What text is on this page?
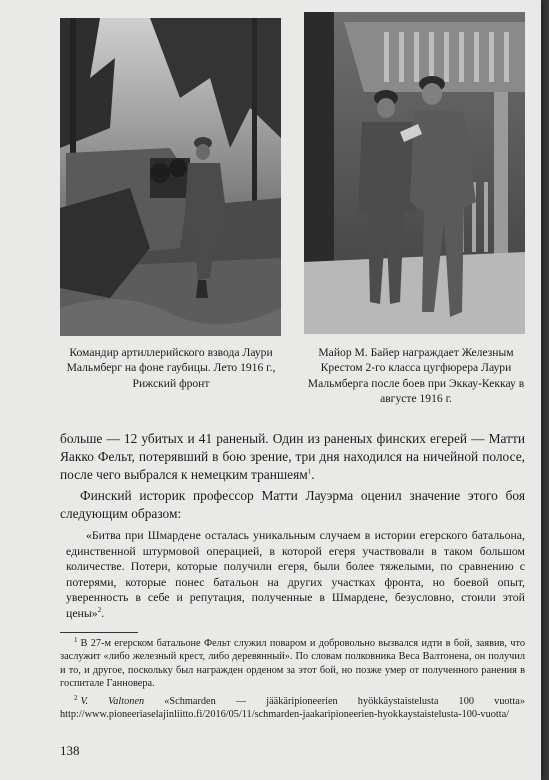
Командир артиллерийского взвода Лаури Мальмберг на фоне гаубицы. Лето 1916 г., Рижский фронт
Майор М. Байер награждает Железным Крестом 2-го класса цугфюрера Лаури Мальмберга после боев при Эккау-Кеккау в августе 1916 г.
больше — 12 убитых и 41 раненый. Один из раненых финских егерей — Матти Яакко Фельт, потерявший в бою зрение, три дня находился на ничейной полосе, после чего выбрался к немецким траншеям$^1$.
Финский историк профессор Матти Лауэрма оценил значение этого боя следующим образом:
«Битва при Шмардене осталась уникальным случаем в истории егерского батальона, единственной штурмовой операцией, в которой егеря участвовали в таком большом количестве. Потери, которые получили егеря, были более тяжелыми, по сравнению с потерями, которые понес батальон на других участках фронта, но боевой опыт, уверенность в себе и репутация, полученные в Шмардене, безусловно, стоили этой цены»$^2$.
$^1$ В 27-м егерском батальоне Фельт служил поваром и добровольно вызвался идти в бой, заявив, что заслужит «либо железный крест, либо деревянный». По словам полковника Веса Валтонена, он получил и то, и другое, поскольку был награжден орденом за этот бой, но позже умер от полученного ранения в госпитале Ганновера.
$^2$ V. Valtonen «Schmarden — jääkäripioneerien hyökkäystaistelusta 100 vuotta» http://www.pioneeriaselajinliitto.fi/2016/05/11/schmarden-jaakaripioneerien-hyokkaystaistelusta-100-vuotta/
138
